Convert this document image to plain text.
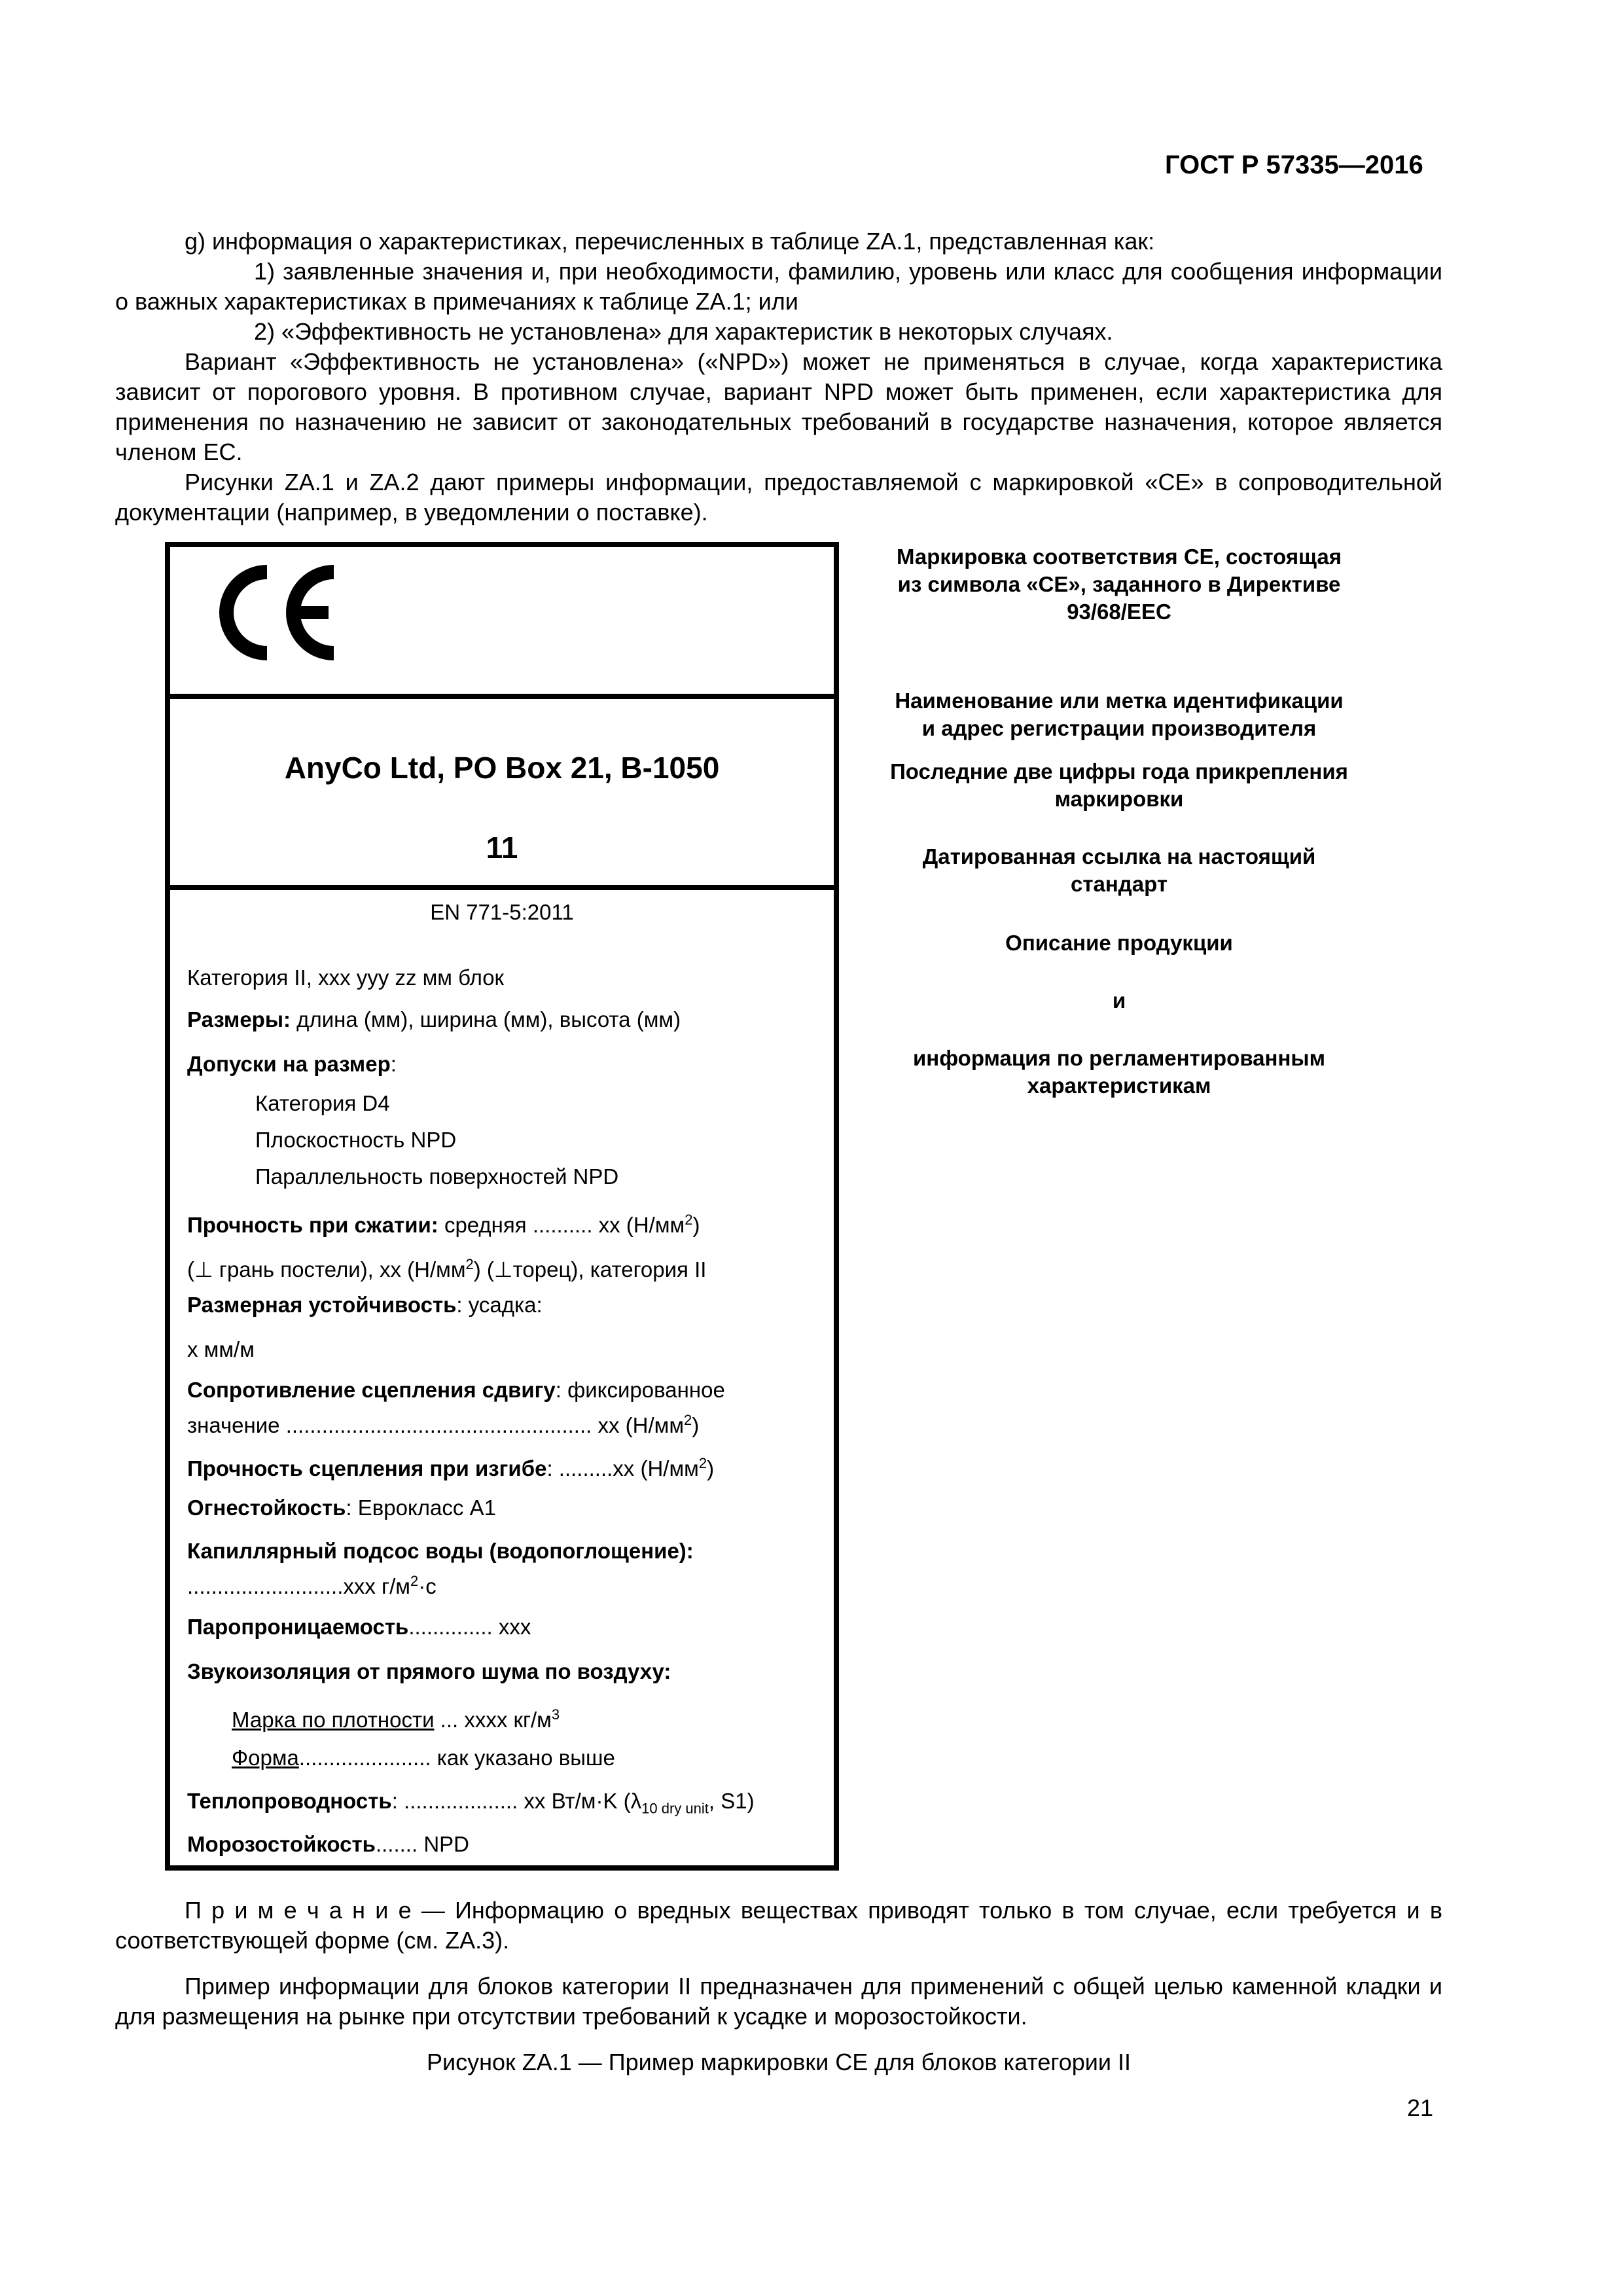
ГОСТ Р 57335—2016

g) информация о характеристиках, перечисленных в таблице ZA.1, представленная как:

1) заявленные значения и, при необходимости, фамилию, уровень или класс для сообщения информации о важных характеристиках в примечаниях к таблице ZA.1; или

2) «Эффективность не установлена» для характеристик в некоторых случаях.

Вариант «Эффективность не установлена» («NPD») может не применяться в случае, когда характеристика зависит от порогового уровня. В противном случае, вариант NPD может быть применен, если характеристика для применения по назначению не зависит от законодательных требований в государстве назначения, которое является членом ЕС.

Рисунки ZA.1 и ZA.2 дают примеры информации, предоставляемой с маркировкой «CE» в сопроводительной документации (например, в уведомлении о поставке).

AnyCo Ltd, PO Box 21, B-1050
11
EN 771-5:2011
Категория II, ххх ууу zz мм блок
Размеры: длина (мм), ширина (мм), высота (мм)
Допуски на размер:
Категория D4
Плоскостность NPD
Параллельность поверхностей NPD
Прочность при сжатии: средняя .......... xx $(Н/мм^2)$
(⊥ грань постели), xx $(Н/мм^2)$ (⊥торец), категория II
Размерная устойчивость: усадка:
x мм/м
Сопротивление сцепления сдвигу: фиксированное
значение ................................................... xx $(Н/мм^2)$
Прочность сцепления при изгибе: .........xx $(Н/мм^2)$
Огнестойкость: Еврокласс А1
Капиллярный подсос воды (водопоглощение):
..........................ххх $г/м^2\cdot с$
Паропроницаемость.............. xxx
Звукоизоляция от прямого шума по воздуху:
Марка по плотности ... хххх $кг/м^3$
Форма...................... как указано выше
Теплопроводность: ................... xx Вт/м·K ($\lambda_{10 dry unit}$, S1)
Морозостойкость....... NPD
Маркировка соответствия CE, состоящая из символа «CE», заданного в Директиве 93/68/EEC
Наименование или метка идентификации и адрес регистрации производителя
Последние две цифры года прикрепления маркировки
Датированная ссылка на настоящий стандарт
Описание продукции
и
информация по регламентированным характеристикам

П р и м е ч а н и е — Информацию о вредных веществах приводят только в том случае, если требуется и в соответствующей форме (см. ZA.3).

Пример информации для блоков категории II предназначен для применений с общей целью каменной кладки и для размещения на рынке при отсутствии требований к усадке и морозостойкости.

Рисунок ZA.1 — Пример маркировки CE для блоков категории II
21
